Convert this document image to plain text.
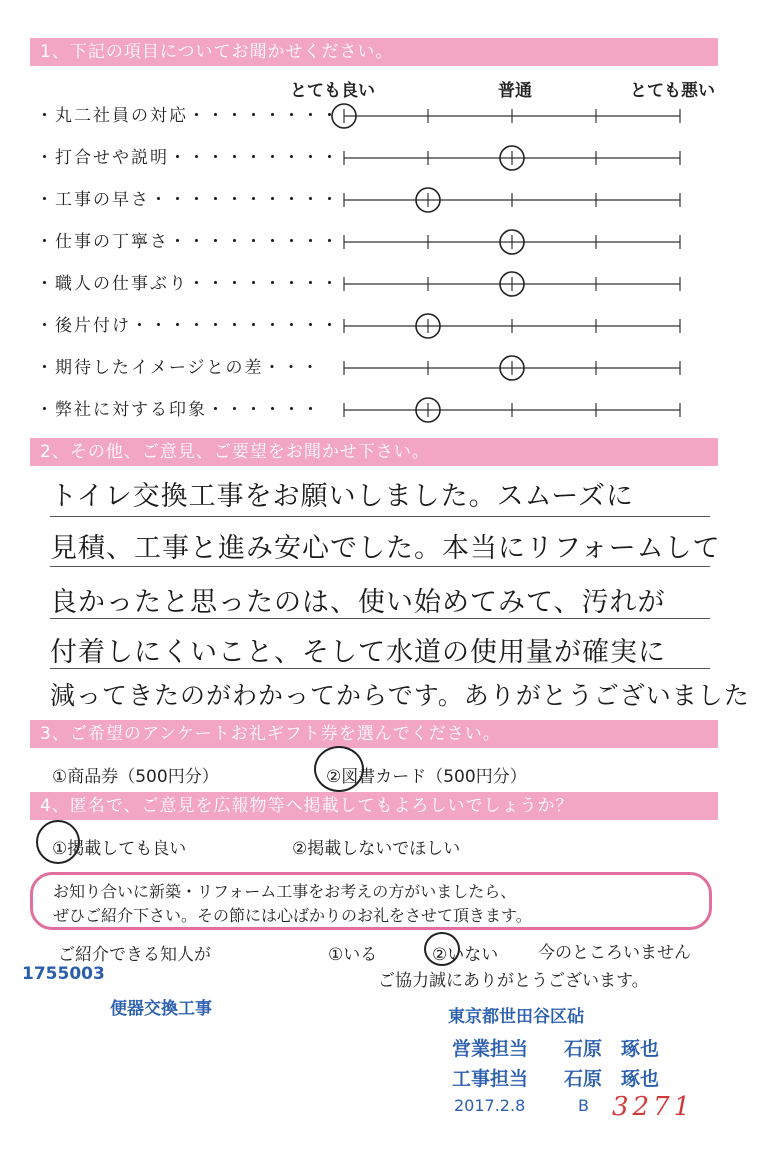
1、下記の項目についてお聞かせください。
とても良い	普通	とても悪い
・丸二社員の対応・・・・・・・・
・打合せや説明・・・・・・・・・
・工事の早さ・・・・・・・・・・
・仕事の丁寧さ・・・・・・・・・
・職人の仕事ぶり・・・・・・・・
・後片付け・・・・・・・・・・・
・期待したイメージとの差・・・
・弊社に対する印象・・・・・・
2、その他、ご意見、ご要望をお聞かせ下さい。
トイレ交換工事をお願いしました。スムーズに
見積、工事と進み安心でした。本当にリフォームして
良かったと思ったのは、使い始めてみて、汚れが
付着しにくいこと、そして水道の使用量が確実に
減ってきたのがわかってからです。ありがとうございました
3、ご希望のアンケートお礼ギフト券を選んでください。
①商品券（500円分）	②図書カード（500円分）
4、匿名で、ご意見を広報物等へ掲載してもよろしいでしょうか？
①掲載しても良い	②掲載しないでほしい
お知り合いに新築・リフォーム工事をお考えの方がいましたら、
ぜひご紹介下さい。その節には心ばかりのお礼をさせて頂きます。
ご紹介できる知人が	①いる	②いない 今のところいません
ご協力誠にありがとうございます。
1755003
便器交換工事	東京都世田谷区砧
営業担当 石原　琢也
工事担当 石原　琢也
2017.2.8	B 3271
